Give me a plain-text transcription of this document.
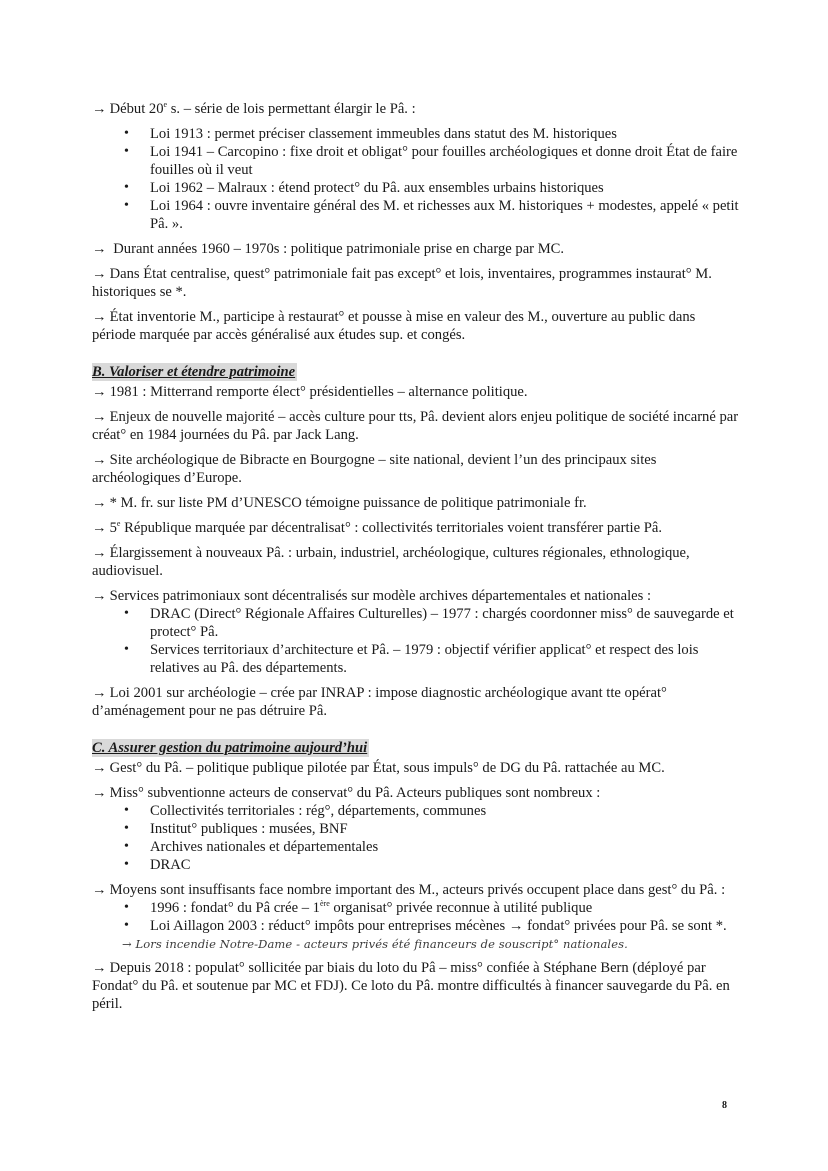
→ Début 20e s. – série de lois permettant élargir le Pâ. :

• Loi 1913 : permet préciser classement immeubles dans statut des M. historiques
• Loi 1941 – Carcopino : fixe droit et obligat° pour fouilles archéologiques et donne droit État de faire fouilles où il veut
• Loi 1962 – Malraux : étend protect° du Pâ. aux ensembles urbains historiques
• Loi 1964 : ouvre inventaire général des M. et richesses aux M. historiques + modestes, appelé « petit Pâ. ».

→ Durant années 1960 – 1970s : politique patrimoniale prise en charge par MC.

→ Dans État centralise, quest° patrimoniale fait pas except° et lois, inventaires, programmes instaurat° M. historiques se *.

→ État inventorie M., participe à restaurat° et pousse à mise en valeur des M., ouverture au public dans période marquée par accès généralisé aux études sup. et congés.

B. Valoriser et étendre patrimoine

→ 1981 : Mitterrand remporte élect° présidentielles – alternance politique.

→ Enjeux de nouvelle majorité – accès culture pour tts, Pâ. devient alors enjeu politique de société incarné par créat° en 1984 journées du Pâ. par Jack Lang.

→ Site archéologique de Bibracte en Bourgogne – site national, devient l’un des principaux sites archéologiques d’Europe.

→ * M. fr. sur liste PM d’UNESCO témoigne puissance de politique patrimoniale fr.

→ $5^e$ République marquée par décentralisat° : collectivités territoriales voient transférer partie Pâ.

→ Élargissement à nouveaux Pâ. : urbain, industriel, archéologique, cultures régionales, ethnologique, audiovisuel.

→ Services patrimoniaux sont décentralisés sur modèle archives départementales et nationales :

• DRAC (Direct° Régionale Affaires Culturelles) – 1977 : chargés coordonner miss° de sauvegarde et protect° Pâ.
• Services territoriaux d’architecture et Pâ. – 1979 : objectif vérifier applicat° et respect des lois relatives au Pâ. des départements.

→ Loi 2001 sur archéologie – crée par INRAP : impose diagnostic archéologique avant tte opérat° d’aménagement pour ne pas détruire Pâ.

C. Assurer gestion du patrimoine aujourd’hui

→ Gest° du Pâ. – politique publique pilotée par État, sous impuls° de DG du Pâ. rattachée au MC.

→ Miss° subventionne acteurs de conservat° du Pâ. Acteurs publiques sont nombreux :

• Collectivités territoriales : rég°, départements, communes
• Institut° publiques : musées, BNF
• Archives nationales et départementales
• DRAC

→ Moyens sont insuffisants face nombre important des M., acteurs privés occupent place dans gest° du Pâ. :

• 1996 : fondat° du Pâ crée – 1ère organisat° privée reconnue à utilité publique
• Loi Aillagon 2003 : réduct° impôts pour entreprises mécènes → fondat° privées pour Pâ. se sont *.
→ Lors incendie Notre-Dame - acteurs privés été financeurs de souscript° nationales.

→ Depuis 2018 : populat° sollicitée par biais du loto du Pâ – miss° confiée à Stéphane Bern (déployé par Fondat° du Pâ. et soutenue par MC et FDJ). Ce loto du Pâ. montre difficultés à financer sauvegarde du Pâ. en péril.

8
